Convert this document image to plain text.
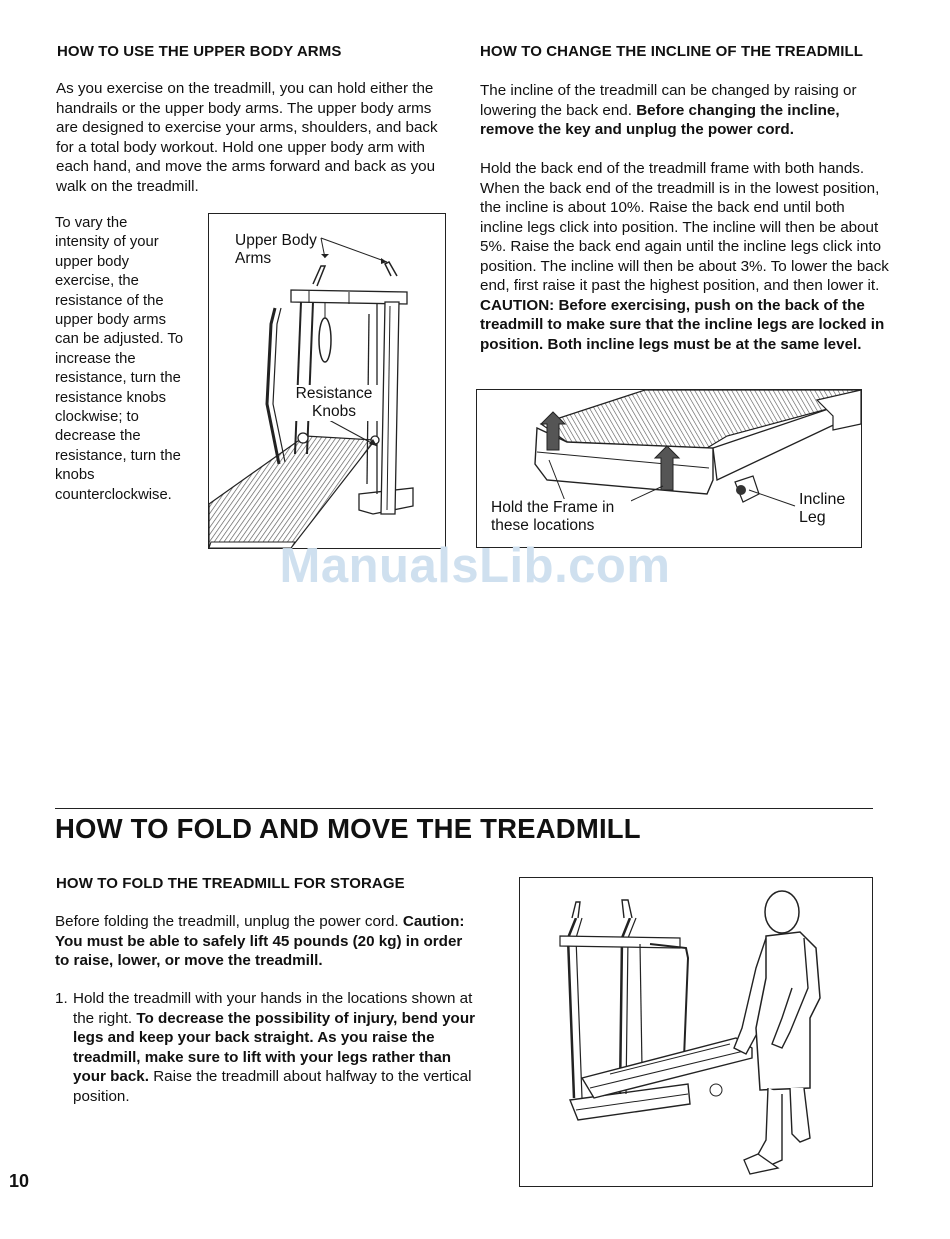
HOW TO USE THE UPPER BODY ARMS
As you exercise on the treadmill, you can hold either the handrails or the upper body arms. The upper body arms are designed to exercise your arms, shoulders, and back for a total body workout. Hold one upper body arm with each hand, and move the arms forward and back as you walk on the treadmill.
To vary the intensity of your upper body exercise, the resistance of the upper body arms can be adjusted. To increase the resistance, turn the resistance knobs clockwise; to decrease the resistance, turn the knobs counterclockwise.
Upper Body Arms
Resistance Knobs
HOW TO CHANGE THE INCLINE OF THE TREADMILL
The incline of the treadmill can be changed by raising or lowering the back end. Before changing the incline, remove the key and unplug the power cord.
Hold the back end of the treadmill frame with both hands. When the back end of the treadmill is in the lowest position, the incline is about 10%. Raise the back end until both incline legs click into position. The incline will then be about 5%. Raise the back end again until the incline legs click into position. The incline will then be about 3%. To lower the back end, first raise it past the highest position, and then lower it. CAUTION: Before exercising, push on the back of the treadmill to make sure that the incline legs are locked in position. Both incline legs must be at the same level.
Hold the Frame in these locations
Incline Leg
ManualsLib.com
HOW TO FOLD AND MOVE THE TREADMILL
HOW TO FOLD THE TREADMILL FOR STORAGE
Before folding the treadmill, unplug the power cord. Caution: You must be able to safely lift 45 pounds (20 kg) in order to raise, lower, or move the treadmill.
1. Hold the treadmill with your hands in the locations shown at the right. To decrease the possibility of injury, bend your legs and keep your back straight. As you raise the treadmill, make sure to lift with your legs rather than your back. Raise the treadmill about halfway to the vertical position.
10
